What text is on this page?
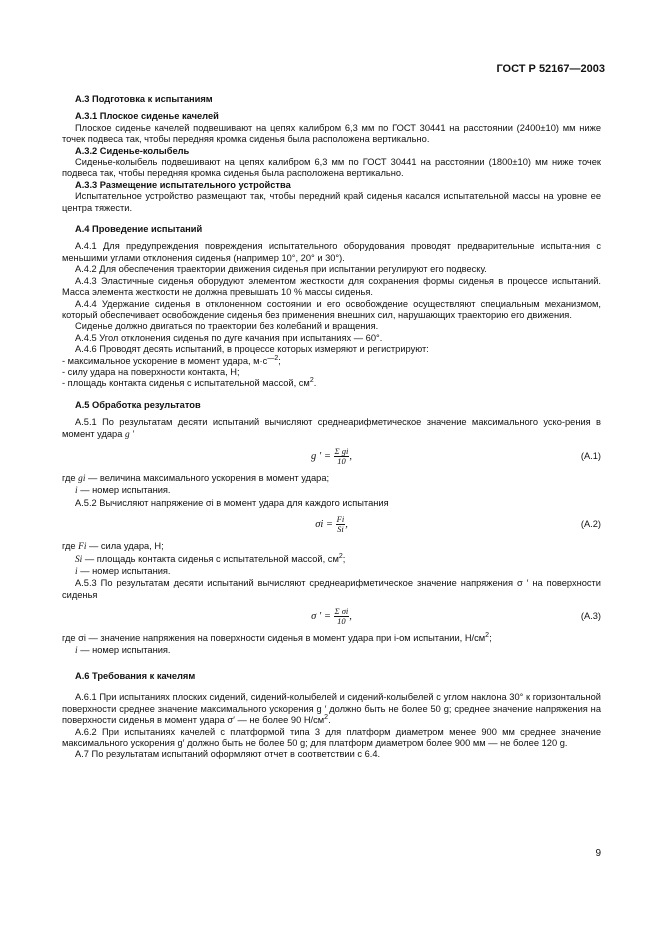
ГОСТ Р 52167—2003
А.3 Подготовка к испытаниям
А.3.1 Плоское сиденье качелей

Плоское сиденье качелей подвешивают на цепях калибром 6,3 мм по ГОСТ 30441 на расстоянии (2400±10) мм ниже точек подвеса так, чтобы передняя кромка сиденья была расположена вертикально.

А.3.2 Сиденье-колыбель

Сиденье-колыбель подвешивают на цепях калибром 6,3 мм по ГОСТ 30441 на расстоянии (1800±10) мм ниже точек подвеса так, чтобы передняя кромка сиденья была расположена вертикально.

А.3.3 Размещение испытательного устройства

Испытательное устройство размещают так, чтобы передний край сиденья касался испытательной массы на уровне ее центра тяжести.

А.4 Проведение испытаний

А.4.1 Для предупреждения повреждения испытательного оборудования проводят предварительные испыта-ния с меньшими углами отклонения сиденья (например 10°, 20° и 30°).

А.4.2 Для обеспечения траектории движения сиденья при испытании регулируют его подвеску.

А.4.3 Эластичные сиденья оборудуют элементом жесткости для сохранения формы сиденья в процессе испытаний. Масса элемента жесткости не должна превышать 10 % массы сиденья.

А.4.4 Удержание сиденья в отклоненном состоянии и его освобождение осуществляют специальным механизмом, который обеспечивает освобождение сиденья без применения внешних сил, нарушающих траекторию его движения.

Сиденье должно двигаться по траектории без колебаний и вращения.

А.4.5 Угол отклонения сиденья по дуге качания при испытаниях — 60°.

А.4.6 Проводят десять испытаний, в процессе которых измеряют и регистрируют:

- максимальное ускорение в момент удара, $м\cdot с^{—2}$;

- силу удара на поверхности контакта, Н;

- площадь контакта сиденья с испытательной массой, $см^2$.

А.5 Обработка результатов

А.5.1 По результатам десяти испытаний вычисляют среднеарифметическое значение максимального уско-рения в момент удара g ′

g ′ = $\frac{\text{Σ gi}}{10}$ ,	(А.1)

где gi — величина максимального ускорения в момент удара;

i — номер испытания.

А.5.2 Вычисляют напряжение σi в момент удара для каждого испытания

$\sigma i = \frac{Fi}{Si}$ ,	(А.2)

где Fi — сила удара, Н;

Si — площадь контакта сиденья с испытательной массой, $см^2$;

i — номер испытания.

А.5.3 По результатам десяти испытаний вычисляют среднеарифметическое значение напряжения σ ′ на поверхности сиденья

σ ′ = $\frac{\text{Σ σi}}{10}$ ,	(А.3)

где σi — значение напряжения на поверхности сиденья в момент удара при i-ом испытании, $Н/см^2$;

i — номер испытания.

А.6 Требования к качелям

А.6.1 При испытаниях плоских сидений, сидений-колыбелей и сидений-колыбелей с углом наклона 30° к горизонтальной поверхности среднее значение максимального ускорения g ′ должно быть не более 50 g; среднее значение напряжения на поверхности сиденья в момент удара σ′ — не более 90 $Н/см^2$.

А.6.2 При испытаниях качелей с платформой типа 3 для платформ диаметром менее 900 мм среднее значение максимального ускорения g′ должно быть не более 50 g; для платформ диаметром более 900 мм — не более 120 g.

А.7 По результатам испытаний оформляют отчет в соответствии с 6.4.

9
